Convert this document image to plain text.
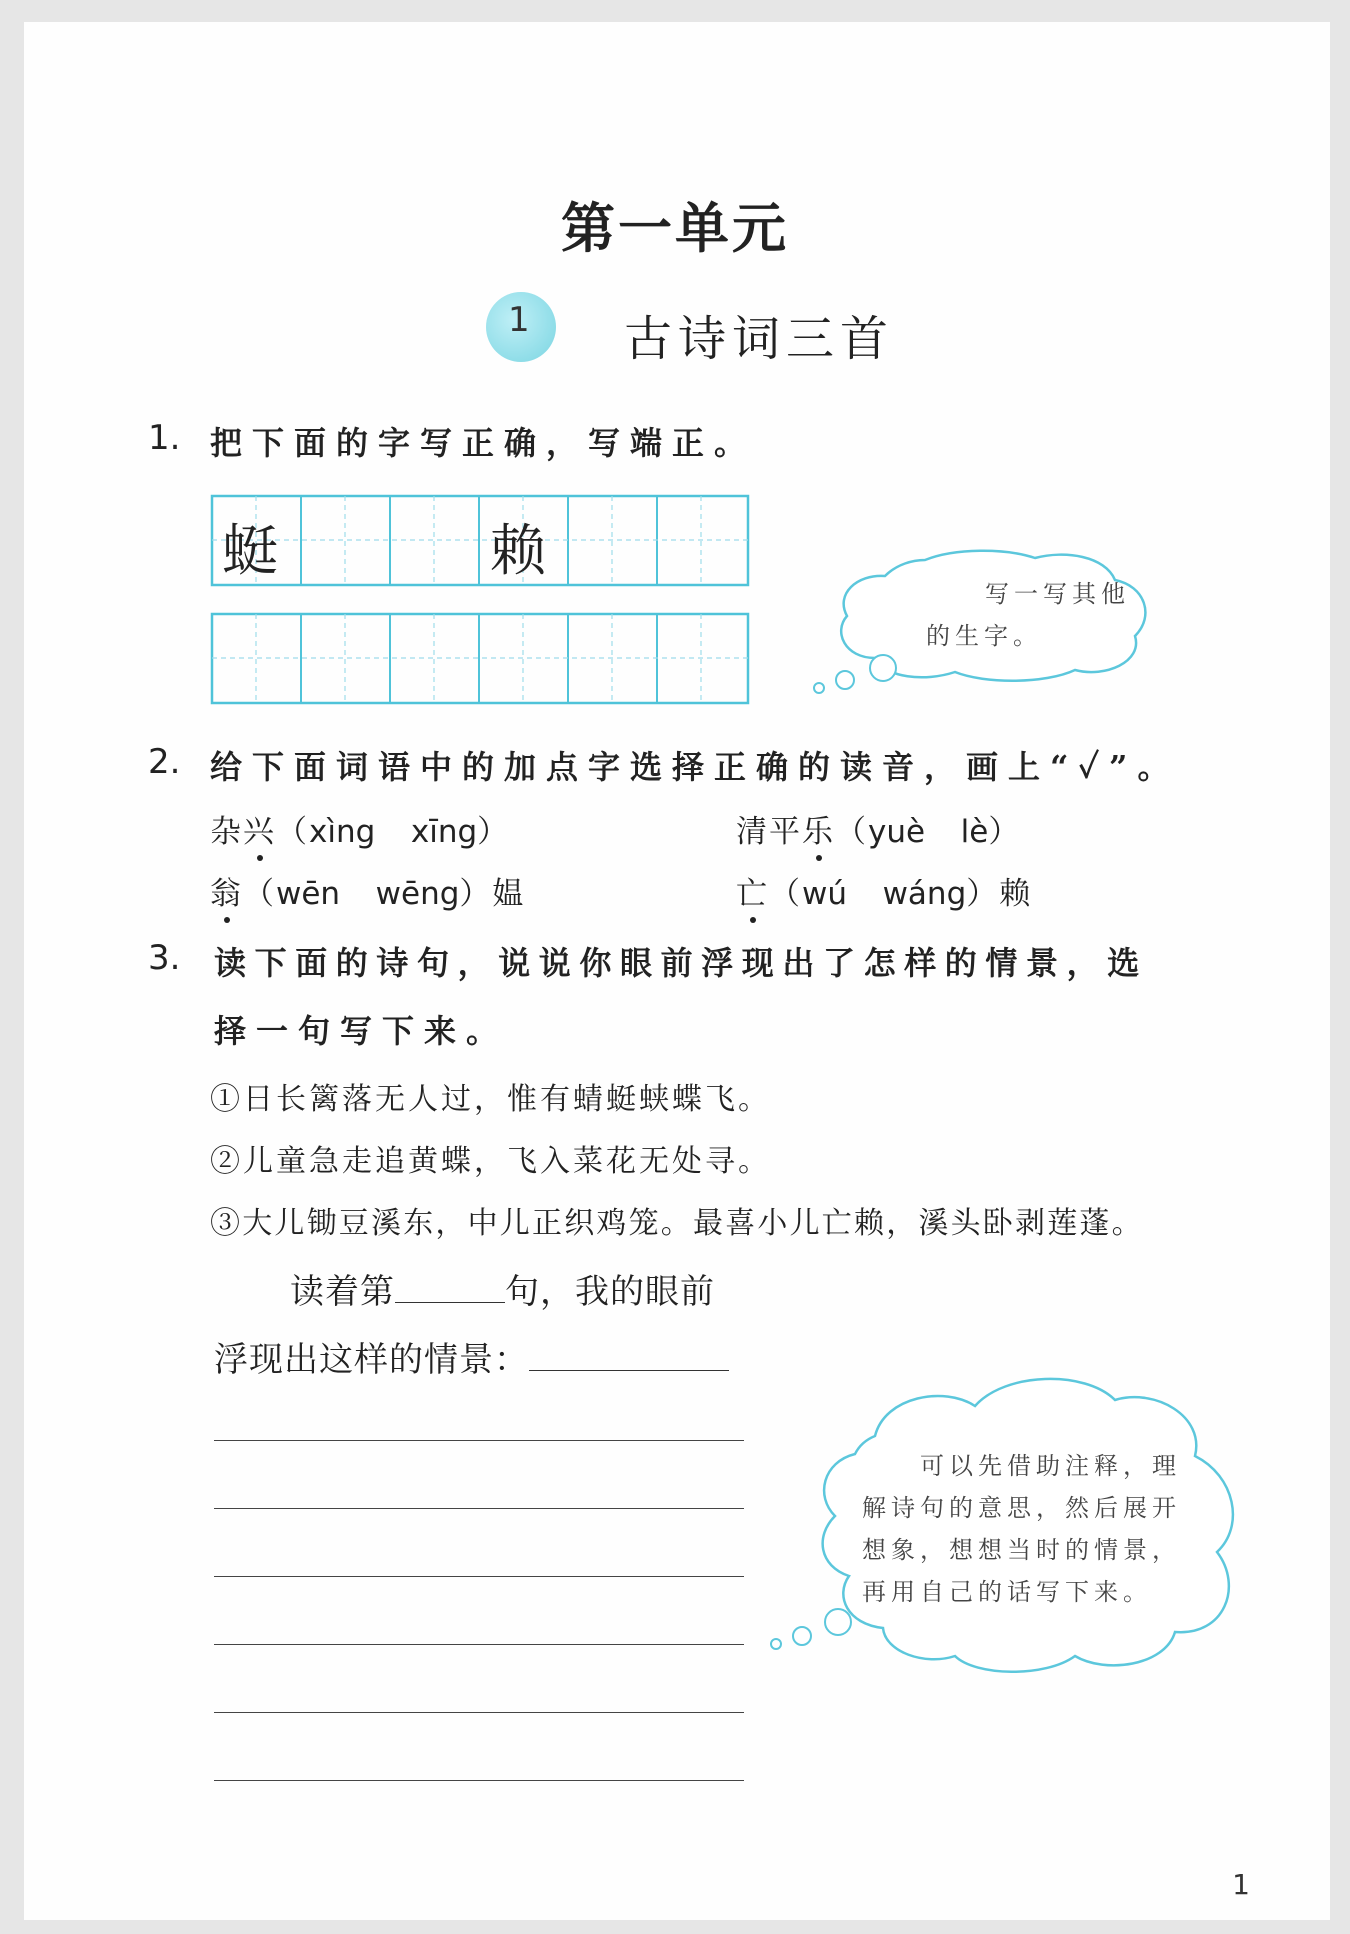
第一单元
1 古诗词三首
1. 把下面的字写正确，写端正。
蜓	赖
写一写其他
的生字。
2. 给下面词语中的加点字选择正确的读音，画上“✓”。
杂兴（xìng xīng）	清平乐（yuè lè）
翁（wēn wēng）媪	亡（wú wáng）赖
3. 读下面的诗句，说说你眼前浮现出了怎样的情景，选
择一句写下来。
①日长篱落无人过，惟有蜻蜓蛱蝶飞。
②儿童急走追黄蝶，飞入菜花无处寻。
③大儿锄豆溪东，中儿正织鸡笼。最喜小儿亡赖，溪头卧剥莲蓬。
读着第	句，我的眼前
浮现出这样的情景：
可以先借助注释，理
解诗句的意思，然后展开
想象，想想当时的情景，
再用自己的话写下来。
1
